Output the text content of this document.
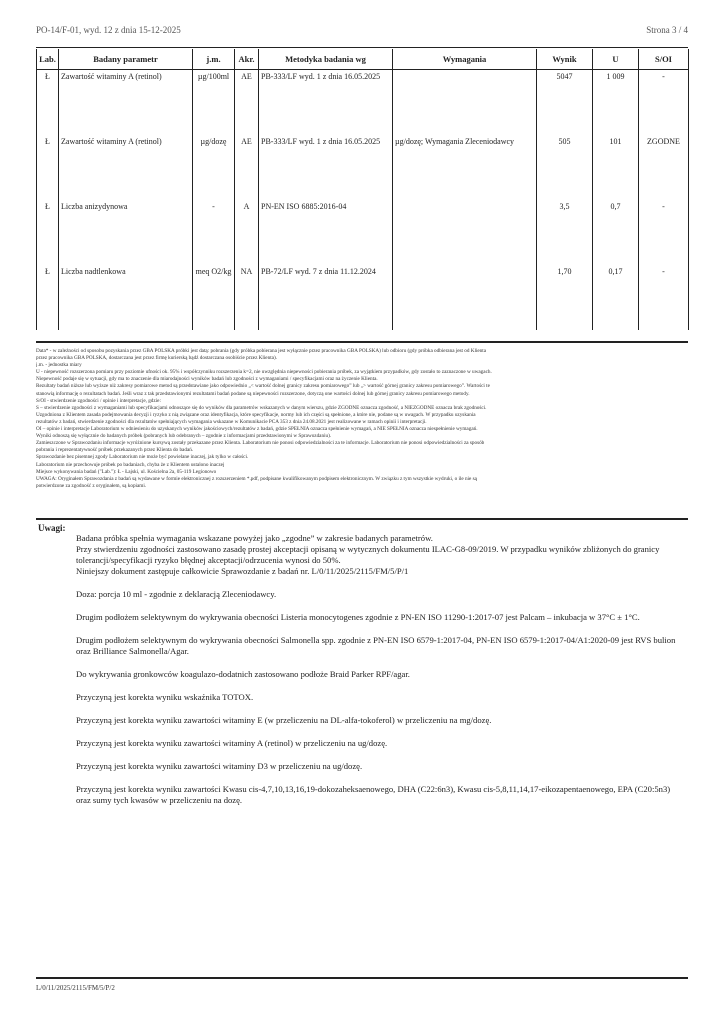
PO-14/F-01, wyd. 12 z dnia 15-12-2025	Strona 3 / 4
Lab.	Badany parametr	j.m.	Akr.	Metodyka badania wg	Wymagania	Wynik	U	S/OI
Ł	Zawartość witaminy A (retinol)	µg/100ml	AE	PB-333/LF wyd. 1 z dnia 16.05.2025		5047	1 009	-
Ł	Zawartość witaminy A (retinol)	µg/dozę	AE	PB-333/LF wyd. 1 z dnia 16.05.2025	µg/dozę; Wymagania Zleceniodawcy	505	101	ZGODNE
Ł	Liczba anizydynowa	-	A	PN-EN ISO 6885:2016-04		3,5	0,7	-
Ł	Liczba nadtlenkowa	meq O2/kg	NA	PB-72/LF wyd. 7 z dnia 11.12.2024		1,70	0,17	-
Data* - w zależności od sposobu pozyskania przez GBA POLSKA próbki jest datą: pobrania (gdy próbka pobierana jest wyłącznie przez pracownika GBA POLSKA) lub odbioru (gdy próbka odbierana jest od Klienta
przez pracownika GBA POLSKA, dostarczana jest przez firmę kurierską bądź dostarczana osobiście przez Klienta).
j.m. - jednostka miary
U - niepewność rozszerzona pomiaru przy poziomie ufności ok. 95% i współczynniku rozszerzenia k=2, nie uwzględnia niepewności pobierania próbek, za wyjątkiem przypadków, gdy zostało to zaznaczone w uwagach.
Niepewność podaje się w sytuacji, gdy ma to znaczenie dla miarodajności wyników badań lub zgodności z wymaganiami / specyfikacjami oraz na życzenie Klienta.
Rezultaty badań niższe lub wyższe niż zakresy pomiarowe metod są przedstawiane jako odpowiednio „< wartość dolnej granicy zakresu pomiarowego” lub „> wartość górnej granicy zakresu pomiarowego”. Wartości te
stanowią informację o rezultatach badań. Jeśli wraz z tak przedstawionymi rezultatami badań podane są niepewności rozszerzone, dotyczą one wartości dolnej lub górnej granicy zakresu pomiarowego metody.
S/OI - stwierdzenie zgodności / opinie i interpretacje, gdzie:
S – stwierdzenie zgodności z wymaganiami lub specyfikacjami odnoszące się do wyników dla parametrów wskazanych w danym wierszu, gdzie ZGODNE oznacza zgodność, a NIEZGODNE oznacza brak zgodności.
Uzgodniona z Klientem zasada podejmowania decyzji i ryzyko z nią związane oraz identyfikacja, które specyfikacje, normy lub ich części są spełnione, a które nie, podane są w uwagach. W przypadku uzyskania
rezultatów z badań, stwierdzenie zgodności dla rezultatów spełniających wymagania wskazane w Komunikacie PCA 353 z dnia 24.08.2021 jest realizowane w ramach opinii i interpretacji.
OI – opinie i interpretacje Laboratorium w odniesieniu do uzyskanych wyników jakościowych/rezultatów z badań, gdzie SPEŁNIA oznacza spełnienie wymagań, a NIE SPEŁNIA oznacza niespełnienie wymagań.
Wyniki odnoszą się wyłącznie do badanych próbek (pobranych lub odebranych – zgodnie z informacjami przedstawionymi w Sprawozdaniu).
Zamieszczone w Sprawozdaniu informacje wyróżnione kursywą zostały przekazane przez Klienta. Laboratorium nie ponosi odpowiedzialności za te informacje. Laboratorium nie ponosi odpowiedzialności za sposób
pobrania i reprezentatywność próbek przekazanych przez Klienta do badań.
Sprawozdanie bez pisemnej zgody Laboratorium nie może być powielane inaczej, jak tylko w całości.
Laboratorium nie przechowuje próbek po badaniach, chyba że z Klientem ustalono inaczej
Miejsce wykonywania badań ("Lab."): Ł - Łajski, ul. Kościelna 2a, 05-119 Legionowo
UWAGA: Oryginałem Sprawozdania z badań są wydawane w formie elektronicznej z rozszerzeniem *.pdf, podpisane kwalifikowanym podpisem elektronicznym. W związku z tym wszystkie wydruki, o ile nie są
potwierdzone za zgodność z oryginałem, są kopiami.
Uwagi:
Badana próbka spełnia wymagania wskazane powyżej jako „zgodne” w zakresie badanych parametrów.
Przy stwierdzeniu zgodności zastosowano zasadę prostej akceptacji opisaną w wytycznych dokumentu ILAC-G8-09/2019. W przypadku wyników zbliżonych do granicy tolerancji/specyfikacji ryzyko błędnej akceptacji/odrzucenia wynosi do 50%.

Niniejszy dokument zastępuje całkowicie Sprawozdanie z badań nr. L/0/11/2025/2115/FM/5/P/1

Doza: porcja 10 ml - zgodnie z deklaracją Zleceniodawcy.

Drugim podłożem selektywnym do wykrywania obecności Listeria monocytogenes zgodnie z PN-EN ISO 11290-1:2017-07 jest Palcam – inkubacja w 37°C ± 1°C.

Drugim podłożem selektywnym do wykrywania obecności Salmonella spp. zgodnie z PN-EN ISO 6579-1:2017-04, PN-EN ISO 6579-1:2017-04/A1:2020-09 jest RVS bulion oraz Brilliance Salmonella/Agar.

Do wykrywania gronkowców koagulazo-dodatnich zastosowano podłoże Braid Parker RPF/agar.

Przyczyną jest korekta wyniku wskaźnika TOTOX.

Przyczyną jest korekta wyniku zawartości witaminy E (w przeliczeniu na DL-alfa-tokoferol) w przeliczeniu na mg/dozę.

Przyczyną jest korekta wyniku zawartości witaminy A (retinol) w przeliczeniu na ug/dozę.

Przyczyną jest korekta wyniku zawartości witaminy D3 w przeliczeniu na ug/dozę.

Przyczyną jest korekta wyniku zawartości Kwasu cis-4,7,10,13,16,19-dokozaheksaenowego, DHA (C22:6n3), Kwasu cis-5,8,11,14,17-eikozapentaenowego, EPA (C20:5n3) oraz sumy tych kwasów w przeliczeniu na dozę.

L/0/11/2025/2115/FM/5/P/2
